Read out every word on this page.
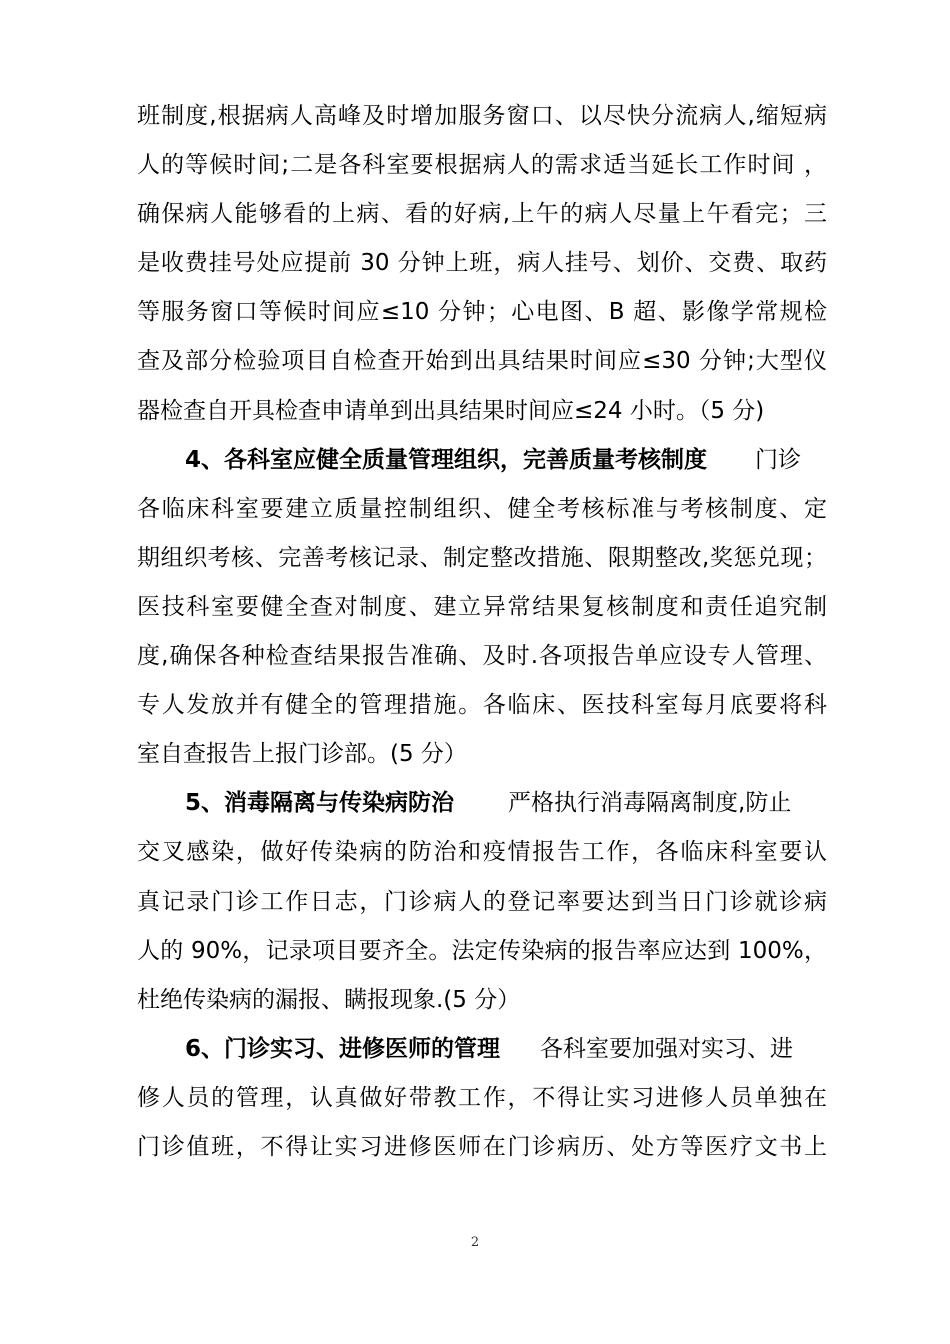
班制度,根据病人高峰及时增加服务窗口、以尽快分流病人,缩短病
人的等候时间;二是各科室要根据病人的需求适当延长工作时间 ，
确保病人能够看的上病、看的好病,上午的病人尽量上午看完；三
是收费挂号处应提前 30 分钟上班，病人挂号、划价、交费、取药
等服务窗口等候时间应≤10 分钟；心电图、B 超、影像学常规检
查及部分检验项目自检查开始到出具结果时间应≤30 分钟;大型仪
器检查自开具检查申请单到出具结果时间应≤24 小时。（5 分)
4、各科室应健全质量管理组织，完善质量考核制度 门诊
各临床科室要建立质量控制组织、健全考核标准与考核制度、定
期组织考核、完善考核记录、制定整改措施、限期整改,奖惩兑现；
医技科室要健全查对制度、建立异常结果复核制度和责任追究制
度,确保各种检查结果报告准确、及时.各项报告单应设专人管理、
专人发放并有健全的管理措施。各临床、医技科室每月底要将科
室自查报告上报门诊部。(5 分）
5、消毒隔离与传染病防治 严格执行消毒隔离制度,防止
交叉感染，做好传染病的防治和疫情报告工作，各临床科室要认
真记录门诊工作日志，门诊病人的登记率要达到当日门诊就诊病
人的 90%，记录项目要齐全。法定传染病的报告率应达到 100%，
杜绝传染病的漏报、瞒报现象.(5 分）
6、门诊实习、进修医师的管理 各科室要加强对实习、进
修人员的管理，认真做好带教工作，不得让实习进修人员单独在
门诊值班，不得让实习进修医师在门诊病历、处方等医疗文书上
2
